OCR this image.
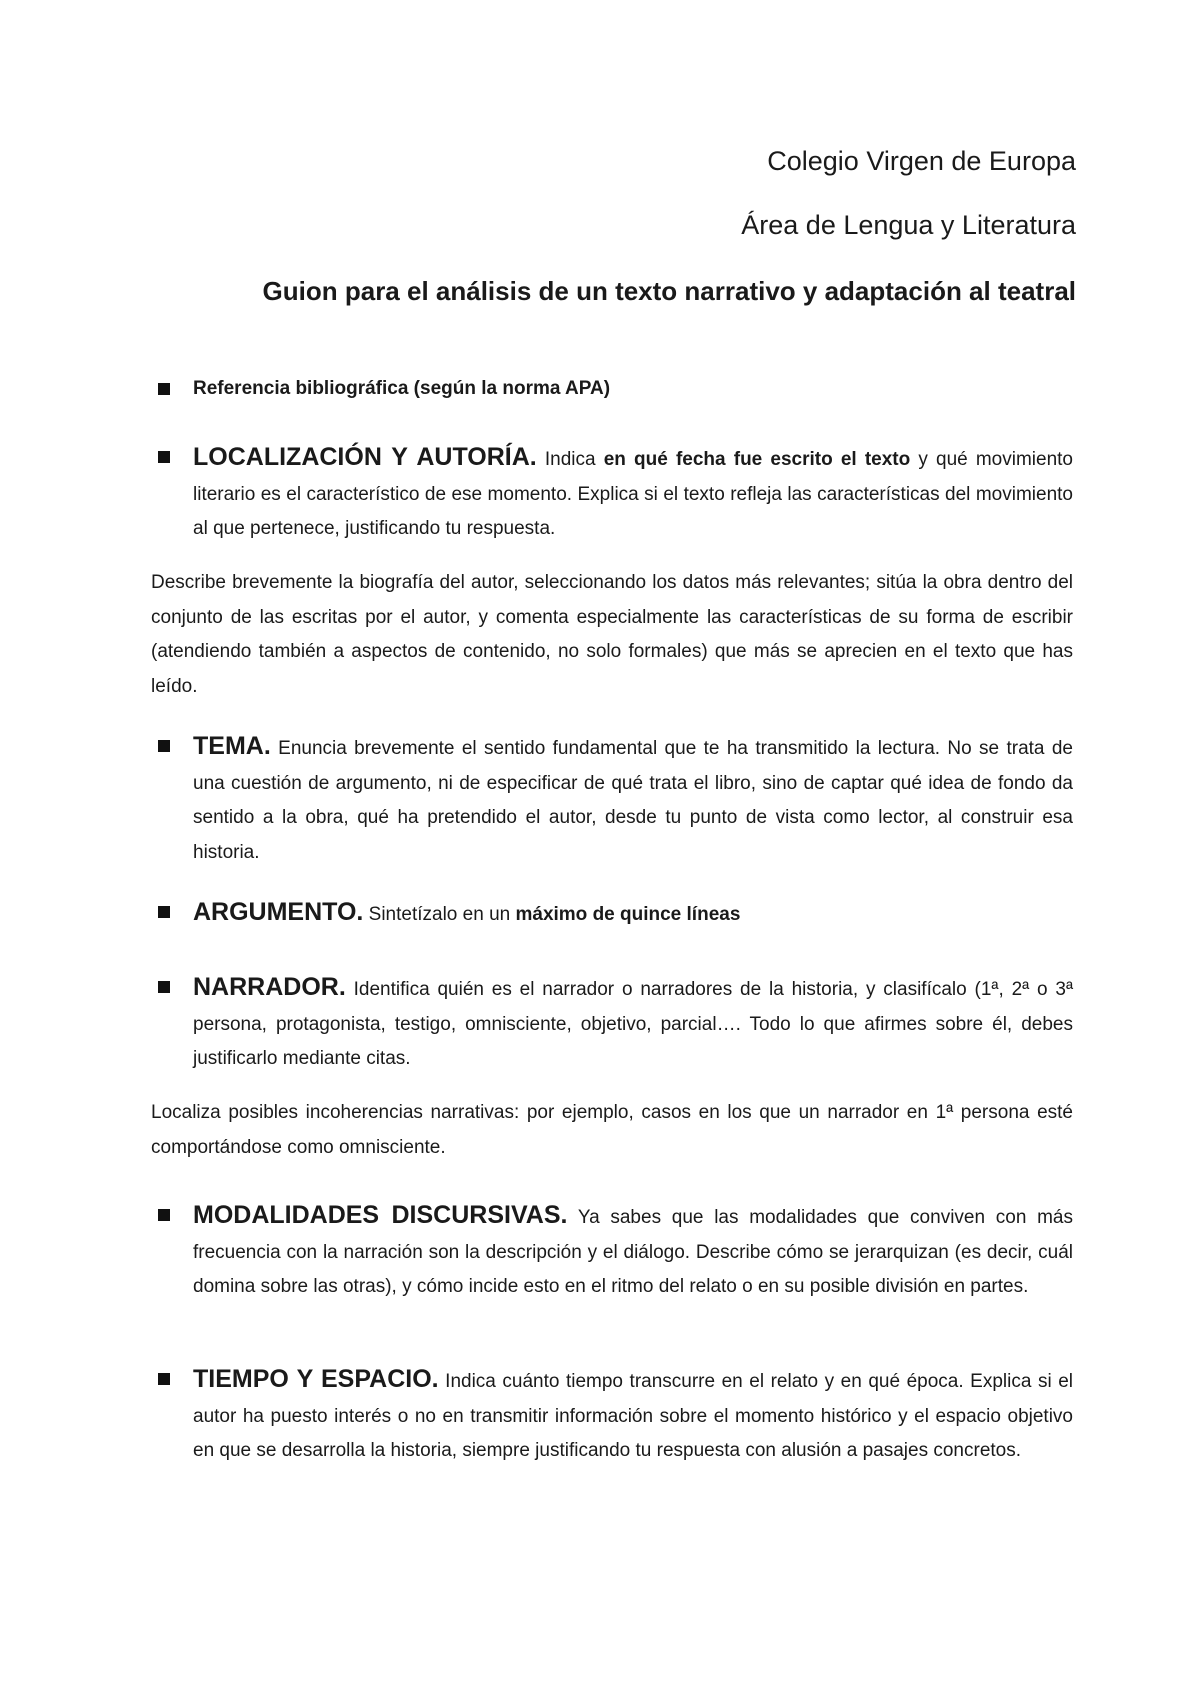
Colegio Virgen de Europa
Área de Lengua y Literatura
Guion para el análisis de un texto narrativo y adaptación al teatral
Referencia bibliográfica (según la norma APA)
LOCALIZACIÓN Y AUTORÍA. Indica en qué fecha fue escrito el texto y qué movimiento literario es el característico de ese momento. Explica si el texto refleja las características del movimiento al que pertenece, justificando tu respuesta.
Describe brevemente la biografía del autor, seleccionando los datos más relevantes; sitúa la obra dentro del conjunto de las escritas por el autor, y comenta especialmente las características de su forma de escribir (atendiendo también a aspectos de contenido, no solo formales) que más se aprecien en el texto que has leído.
TEMA. Enuncia brevemente el sentido fundamental que te ha transmitido la lectura. No se trata de una cuestión de argumento, ni de especificar de qué trata el libro, sino de captar qué idea de fondo da sentido a la obra, qué ha pretendido el autor, desde tu punto de vista como lector, al construir esa historia.
ARGUMENTO. Sintetízalo en un máximo de quince líneas
NARRADOR. Identifica quién es el narrador o narradores de la historia, y clasifícalo (1ª, 2ª o 3ª persona, protagonista, testigo, omnisciente, objetivo, parcial…. Todo lo que afirmes sobre él, debes justificarlo mediante citas.
Localiza posibles incoherencias narrativas: por ejemplo, casos en los que un narrador en 1ª persona esté comportándose como omnisciente.
MODALIDADES DISCURSIVAS. Ya sabes que las modalidades que conviven con más frecuencia con la narración son la descripción y el diálogo. Describe cómo se jerarquizan (es decir, cuál domina sobre las otras), y cómo incide esto en el ritmo del relato o en su posible división en partes.
TIEMPO Y ESPACIO. Indica cuánto tiempo transcurre en el relato y en qué época. Explica si el autor ha puesto interés o no en transmitir información sobre el momento histórico y el espacio objetivo en que se desarrolla la historia, siempre justificando tu respuesta con alusión a pasajes concretos.
